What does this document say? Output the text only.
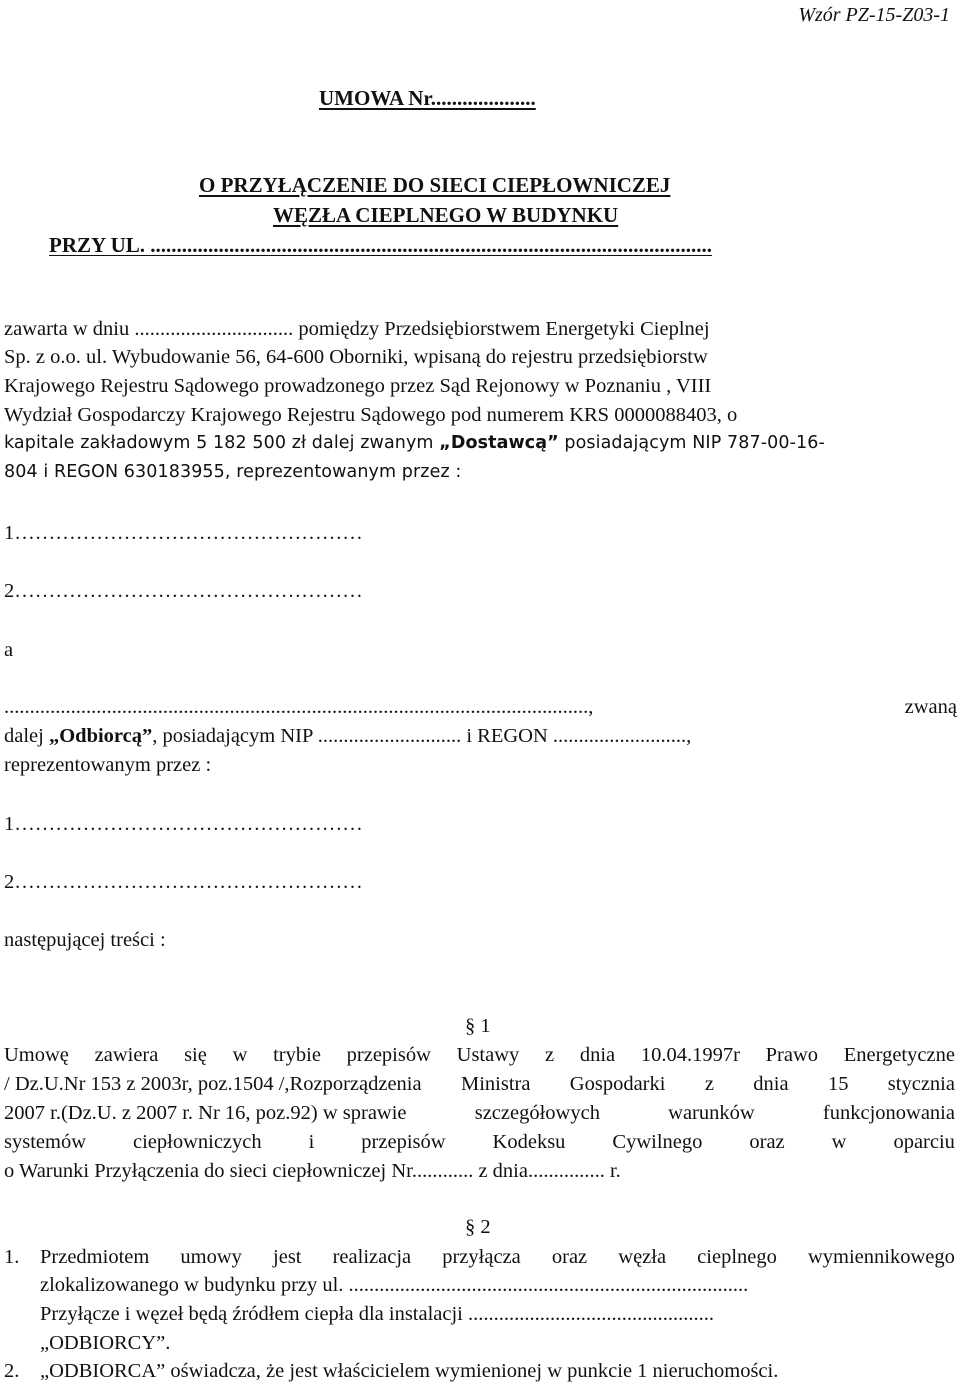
Wzór PZ-15-Z03-1
UMOWA Nr....................
O PRZYŁĄCZENIE DO SIECI CIEPŁOWNICZEJ
WĘZŁA CIEPLNEGO W BUDYNKU
PRZY UL. ...........................................................................................................
zawarta w dniu ............................... pomiędzy Przedsiębiorstwem Energetyki Cieplnej
Sp. z o.o. ul. Wybudowanie 56, 64-600 Oborniki, wpisaną do rejestru przedsiębiorstw
Krajowego Rejestru Sądowego prowadzonego przez Sąd Rejonowy w Poznaniu , VIII
Wydział Gospodarczy Krajowego Rejestru Sądowego pod numerem KRS 0000088403, o
kapitale zakładowym 5 182 500 zł dalej zwanym „Dostawcą” posiadającym NIP 787-00-16-
804 i REGON 630183955, reprezentowanym przez :
1……………………………………………
2……………………………………………
a
..................................................................................................................,	zwaną
dalej „Odbiorcą”, posiadającym NIP ............................ i REGON ..........................,
reprezentowanym przez :
1……………………………………………
2……………………………………………
następującej treści :
§ 1
Umowę zawiera się w trybie przepisów Ustawy z dnia 10.04.1997r Prawo Energetyczne
/ Dz.U.Nr 153 z 2003r, poz.1504 /,Rozporządzenia Ministra Gospodarki z dnia 15 stycznia
2007 r.(Dz.U. z 2007 r. Nr 16, poz.92) w sprawie	szczegółowych	warunków	funkcjonowania
systemów ciepłowniczych i przepisów Kodeksu Cywilnego oraz w oparciu
o Warunki Przyłączenia do sieci ciepłowniczej Nr............ z dnia............... r.
§ 2
1. Przedmiotem umowy jest realizacja przyłącza oraz węzła cieplnego wymiennikowego
zlokalizowanego w budynku przy ul. ..............................................................................
Przyłącze i węzeł będą źródłem ciepła dla instalacji ................................................
„ODBIORCY”.
2. „ODBIORCA” oświadcza, że jest właścicielem wymienionej w punkcie 1 nieruchomości.
